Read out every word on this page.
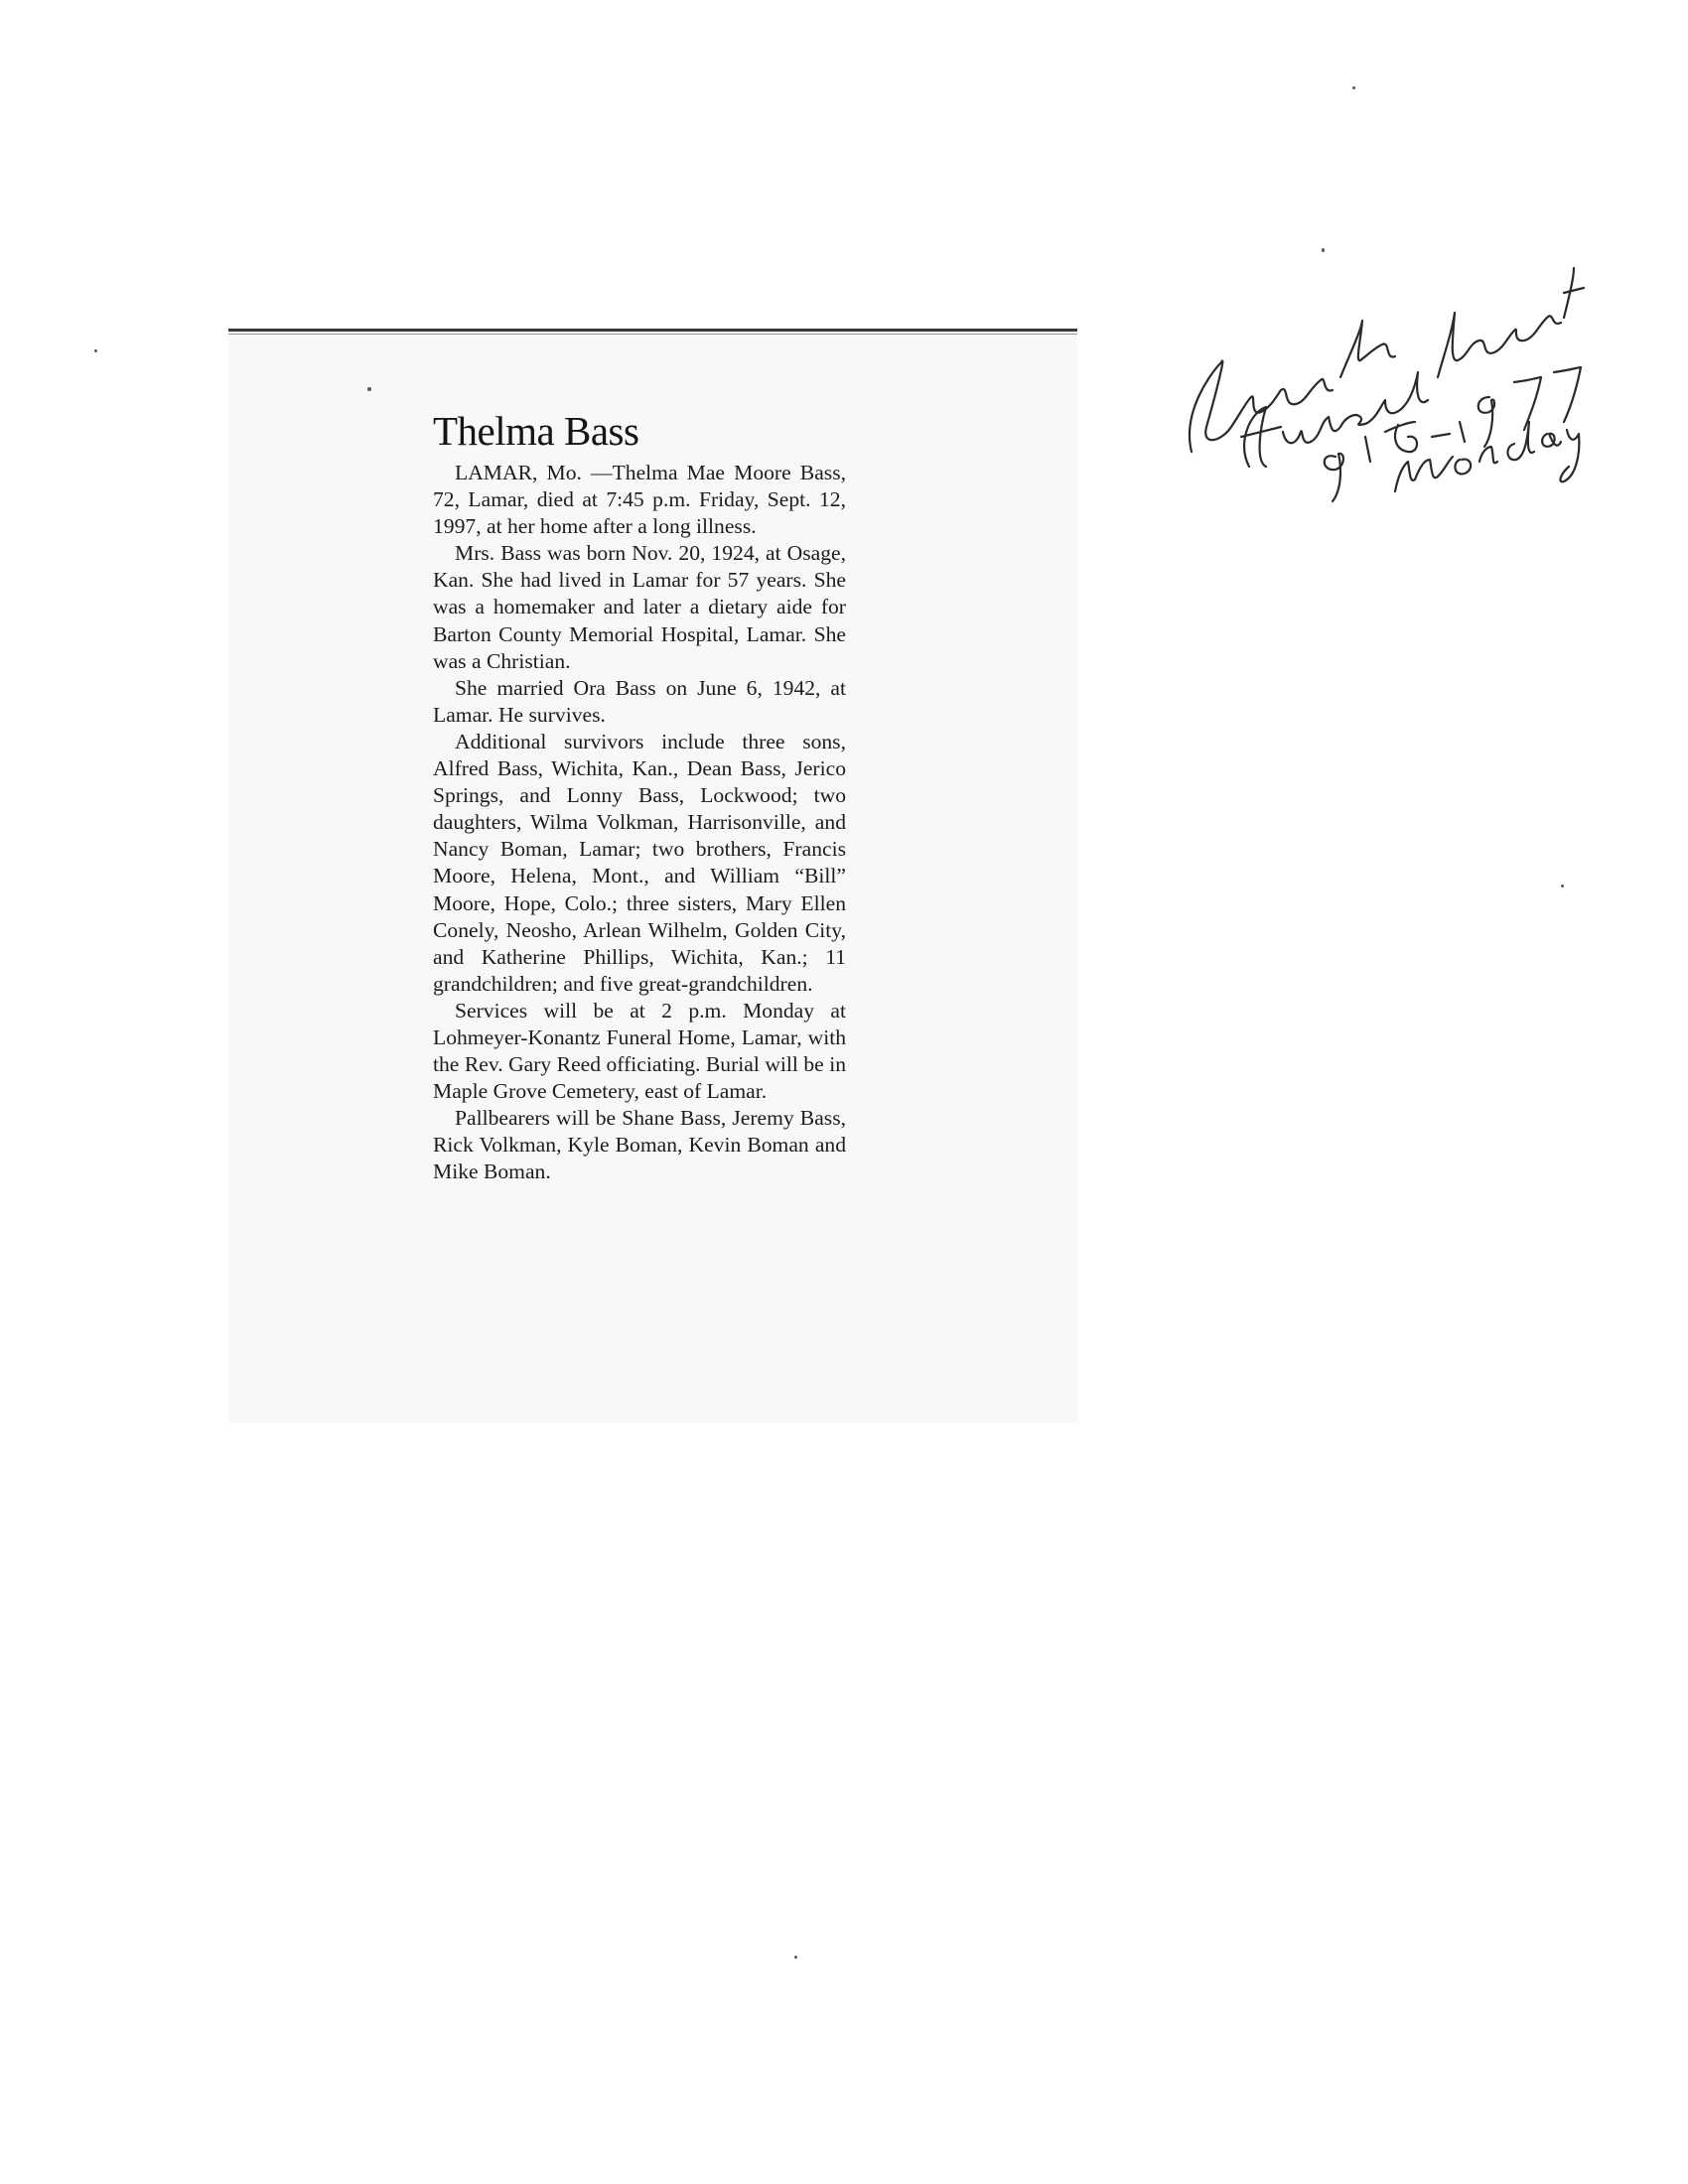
Thelma Bass

LAMAR, Mo. —Thelma Mae Moore Bass, 72, Lamar, died at 7:45 p.m. Friday, Sept. 12, 1997, at her home after a long illness.

Mrs. Bass was born Nov. 20, 1924, at Osage, Kan. She had lived in Lamar for 57 years. She was a homemaker and later a dietary aide for Barton County Memorial Hospital, Lamar. She was a Christian.

She married Ora Bass on June 6, 1942, at Lamar. He survives.

Additional survivors include three sons, Alfred Bass, Wichita, Kan., Dean Bass, Jerico Springs, and Lonny Bass, Lockwood; two daughters, Wilma Volkman, Harrisonville, and Nancy Boman, Lamar; two brothers, Francis Moore, Helena, Mont., and William “Bill” Moore, Hope, Colo.; three sisters, Mary Ellen Conely, Neosho, Arlean Wilhelm, Golden City, and Katherine Phillips, Wichita, Kan.; 11 grandchildren; and five great-grandchildren.

Services will be at 2 p.m. Monday at Lohmeyer-Konantz Funeral Home, Lamar, with the Rev. Gary Reed officiating. Burial will be in Maple Grove Cemetery, east of Lamar.

Pallbearers will be Shane Bass, Jeremy Bass, Rick Volkman, Kyle Boman, Kevin Boman and Mike Boman.
